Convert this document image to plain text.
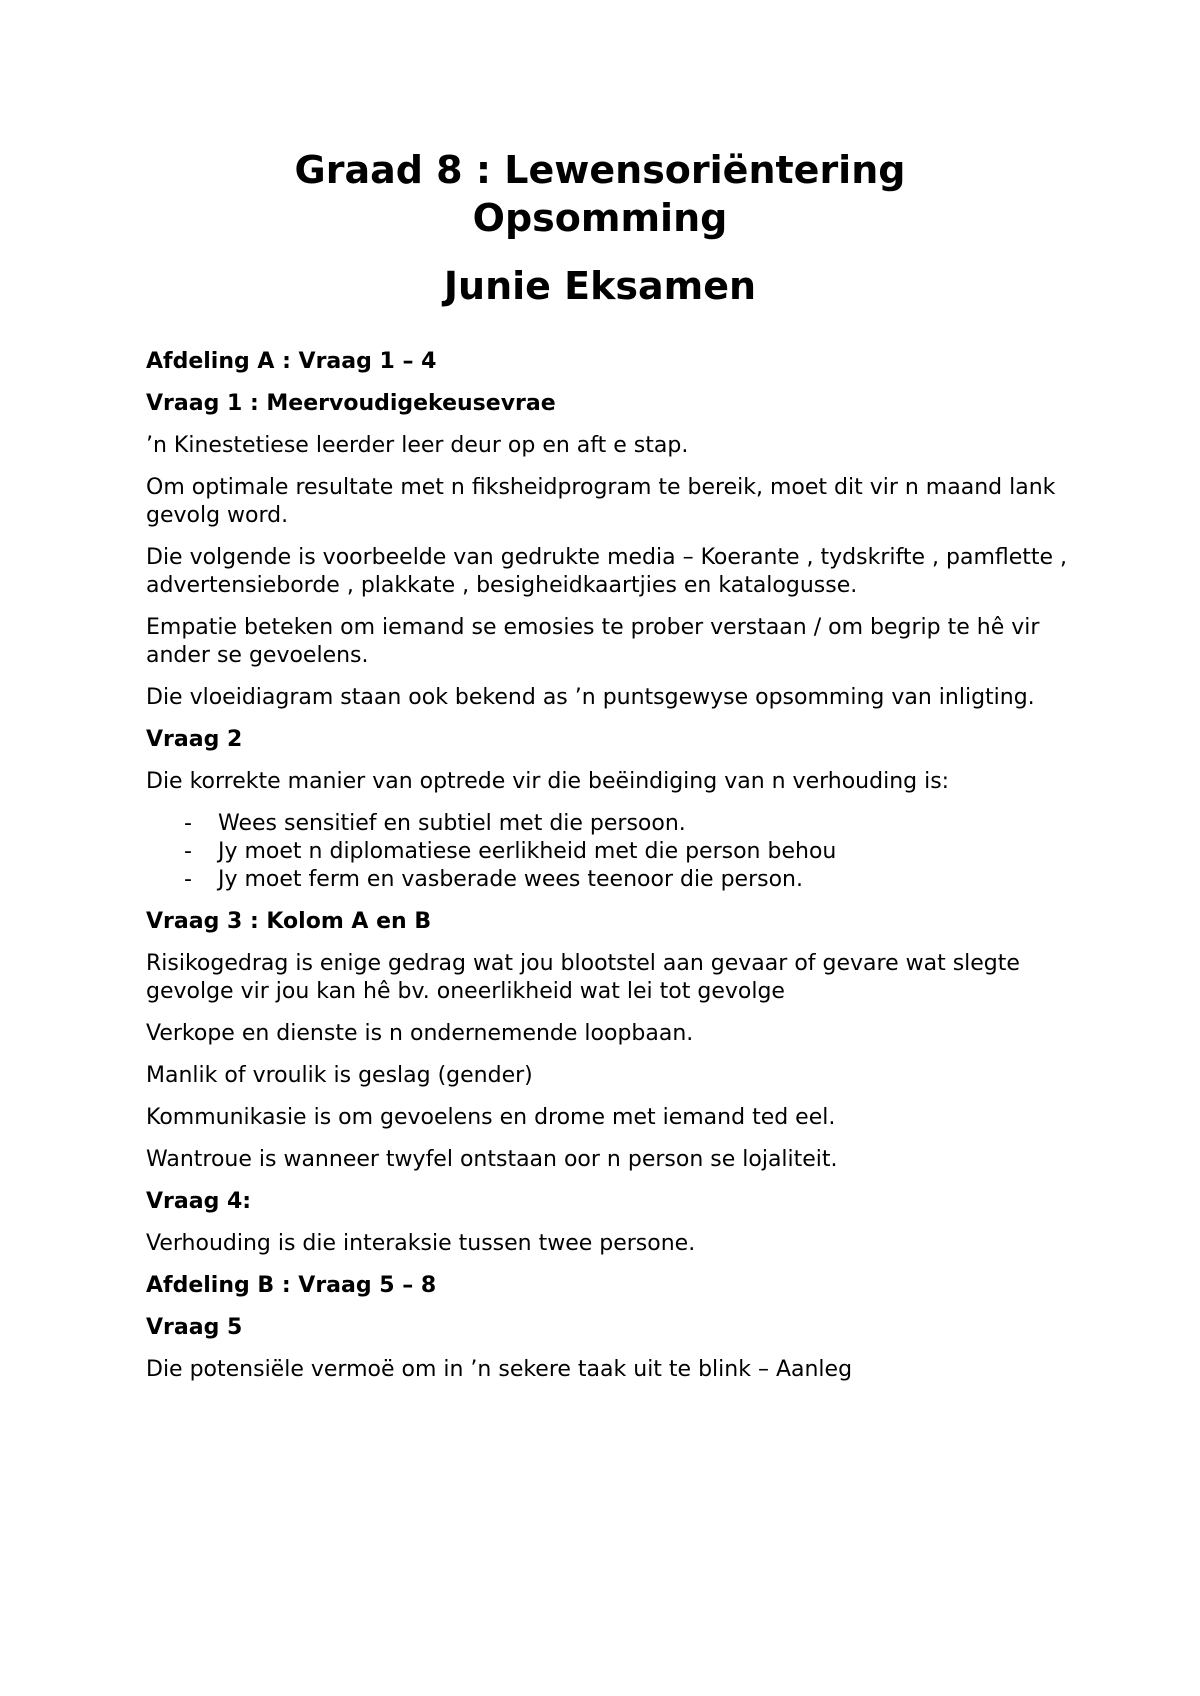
Graad 8 : Lewensoriëntering

Opsomming

Junie Eksamen

Afdeling A : Vraag 1 – 4

Vraag 1 : Meervoudigekeusevrae

’n Kinestetiese leerder leer deur op en aft e stap.

Om optimale resultate met n fiksheidprogram te bereik, moet dit vir n maand lank gevolg word.

Die volgende is voorbeelde van gedrukte media – Koerante , tydskrifte , pamflette , advertensieborde , plakkate , besigheidkaartjies en katalogusse.

Empatie beteken om iemand se emosies te prober verstaan / om begrip te hê vir ander se gevoelens.

Die vloeidiagram staan ook bekend as ’n puntsgewyse opsomming van inligting.

Vraag 2

Die korrekte manier van optrede vir die beëindiging van n verhouding is:

- Wees sensitief en subtiel met die persoon.
- Jy moet n diplomatiese eerlikheid met die person behou
- Jy moet ferm en vasberade wees teenoor die person.

Vraag 3 : Kolom A en B

Risikogedrag is enige gedrag wat jou blootstel aan gevaar of gevare wat slegte gevolge vir jou kan hê bv. oneerlikheid wat lei tot gevolge

Verkope en dienste is n ondernemende loopbaan.

Manlik of vroulik is geslag (gender)

Kommunikasie is om gevoelens en drome met iemand ted eel.

Wantroue is wanneer twyfel ontstaan oor n person se lojaliteit.

Vraag 4:

Verhouding is die interaksie tussen twee persone.

Afdeling B : Vraag 5 – 8

Vraag 5

Die potensiële vermoë om in ’n sekere taak uit te blink – Aanleg
